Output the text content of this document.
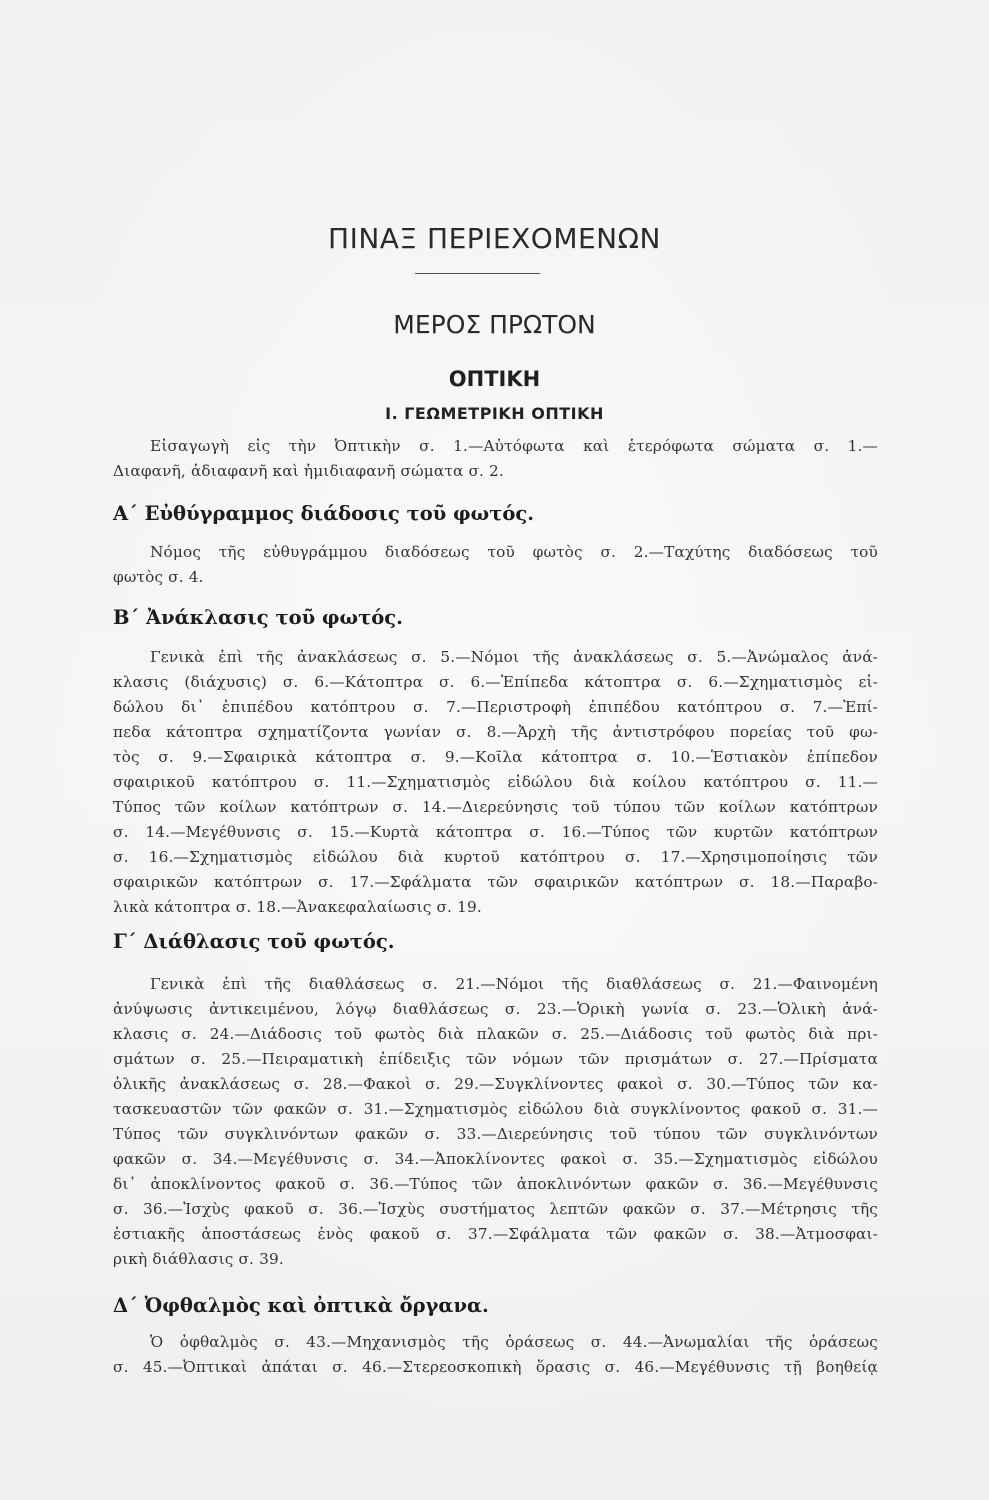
ΠΙΝΑΞ ΠΕΡΙΕΧΟΜΕΝΩΝ
ΜΕΡΟΣ ΠΡΩΤΟΝ
ΟΠΤΙΚΗ
Ι. ΓΕΩΜΕΤΡΙΚΗ ΟΠΤΙΚΗ
Εἰσαγωγὴ εἰς τὴν Ὀπτικὴν σ. 1.—Αὐτόφωτα καὶ ἑτερόφωτα σώματα σ. 1.—
Διαφανῆ, ἀδιαφανῆ καὶ ἡμιδιαφανῆ σώματα σ. 2.
Α΄ Εὐθύγραμμος διάδοσις τοῦ φωτός.
Νόμος τῆς εὐθυγράμμου διαδόσεως τοῦ φωτὸς σ. 2.—Ταχύτης διαδόσεως τοῦ
φωτὸς σ. 4.
Β΄ Ἀνάκλασις τοῦ φωτός.
Γενικὰ ἐπὶ τῆς ἀνακλάσεως σ. 5.—Νόμοι τῆς ἀνακλάσεως σ. 5.—Ἀνώμαλος ἀνά-
κλασις (διάχυσις) σ. 6.—Κάτοπτρα σ. 6.—Ἐπίπεδα κάτοπτρα σ. 6.—Σχηματισμὸς εἰ-
δώλου δι᾽ ἐπιπέδου κατόπτρου σ. 7.—Περιστροφὴ ἐπιπέδου κατόπτρου σ. 7.—Ἐπί-
πεδα κάτοπτρα σχηματίζοντα γωνίαν σ. 8.—Ἀρχὴ τῆς ἀντιστρόφου πορείας τοῦ φω-
τὸς σ. 9.—Σφαιρικὰ κάτοπτρα σ. 9.—Κοῖλα κάτοπτρα σ. 10.—Ἑστιακὸν ἐπίπεδον
σφαιρικοῦ κατόπτρου σ. 11.—Σχηματισμὸς εἰδώλου διὰ κοίλου κατόπτρου σ. 11.—
Τύπος τῶν κοίλων κατόπτρων σ. 14.—Διερεύνησις τοῦ τύπου τῶν κοίλων κατόπτρων
σ. 14.—Μεγέθυνσις σ. 15.—Κυρτὰ κάτοπτρα σ. 16.—Τύπος τῶν κυρτῶν κατόπτρων
σ. 16.—Σχηματισμὸς εἰδώλου διὰ κυρτοῦ κατόπτρου σ. 17.—Χρησιμοποίησις τῶν
σφαιρικῶν κατόπτρων σ. 17.—Σφάλματα τῶν σφαιρικῶν κατόπτρων σ. 18.—Παραβο-
λικὰ κάτοπτρα σ. 18.—Ἀνακεφαλαίωσις σ. 19.
Γ΄ Διάθλασις τοῦ φωτός.
Γενικὰ ἐπὶ τῆς διαθλάσεως σ. 21.—Νόμοι τῆς διαθλάσεως σ. 21.—Φαινομένη
ἀνύψωσις ἀντικειμένου, λόγῳ διαθλάσεως σ. 23.—Ὁρικὴ γωνία σ. 23.—Ὁλικὴ ἀνά-
κλασις σ. 24.—Διάδοσις τοῦ φωτὸς διὰ πλακῶν σ. 25.—Διάδοσις τοῦ φωτὸς διὰ πρι-
σμάτων σ. 25.—Πειραματικὴ ἐπίδειξις τῶν νόμων τῶν πρισμάτων σ. 27.—Πρίσματα
ὁλικῆς ἀνακλάσεως σ. 28.—Φακοὶ σ. 29.—Συγκλίνοντες φακοὶ σ. 30.—Τύπος τῶν κα-
τασκευαστῶν τῶν φακῶν σ. 31.—Σχηματισμὸς εἰδώλου διὰ συγκλίνοντος φακοῦ σ. 31.—
Τύπος τῶν συγκλινόντων φακῶν σ. 33.—Διερεύνησις τοῦ τύπου τῶν συγκλινόντων
φακῶν σ. 34.—Μεγέθυνσις σ. 34.—Ἀποκλίνοντες φακοὶ σ. 35.—Σχηματισμὸς εἰδώλου
δι᾽ ἀποκλίνοντος φακοῦ σ. 36.—Τύπος τῶν ἀποκλινόντων φακῶν σ. 36.—Μεγέθυνσις
σ. 36.—Ἰσχὺς φακοῦ σ. 36.—Ἰσχὺς συστήματος λεπτῶν φακῶν σ. 37.—Μέτρησις τῆς
ἑστιακῆς ἀποστάσεως ἑνὸς φακοῦ σ. 37.—Σφάλματα τῶν φακῶν σ. 38.—Ἀτμοσφαι-
ρικὴ διάθλασις σ. 39.
Δ΄ Ὀφθαλμὸς καὶ ὀπτικὰ ὄργανα.
Ὁ ὀφθαλμὸς σ. 43.—Μηχανισμὸς τῆς ὁράσεως σ. 44.—Ἀνωμαλίαι τῆς ὁράσεως
σ. 45.—Ὀπτικαὶ ἀπάται σ. 46.—Στερεοσκοπικὴ ὅρασις σ. 46.—Μεγέθυνσις τῇ βοηθείᾳ
